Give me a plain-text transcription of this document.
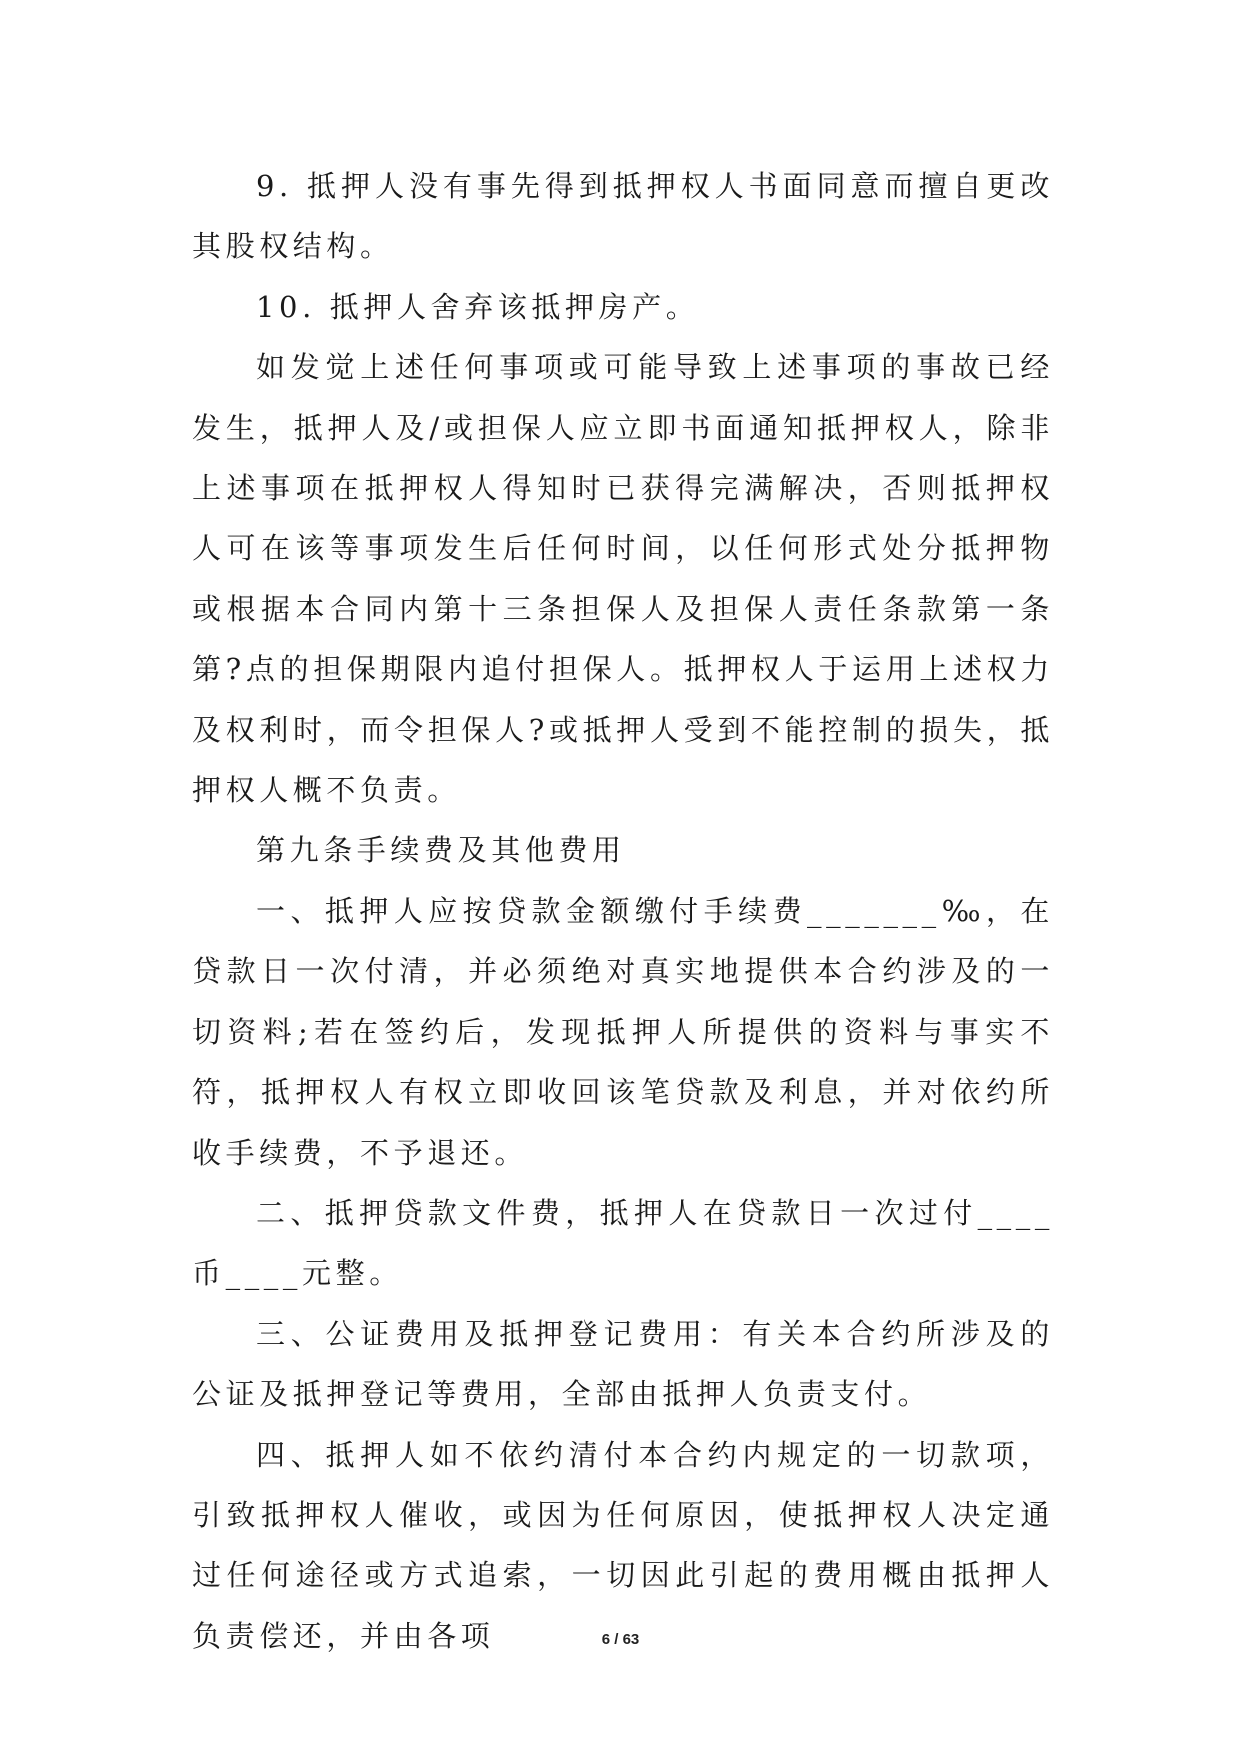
9. 抵押人没有事先得到抵押权人书面同意而擅自更改其股权结构。

10. 抵押人舍弃该抵押房产。

如发觉上述任何事项或可能导致上述事项的事故已经发生，抵押人及/或担保人应立即书面通知抵押权人，除非上述事项在抵押权人得知时已获得完满解决，否则抵押权人可在该等事项发生后任何时间，以任何形式处分抵押物或根据本合同内第十三条担保人及担保人责任条款第一条第?点的担保期限内追付担保人。抵押权人于运用上述权力及权利时，而令担保人?或抵押人受到不能控制的损失，抵押权人概不负责。

第九条手续费及其他费用

一、抵押人应按贷款金额缴付手续费_______‰，在贷款日一次付清，并必须绝对真实地提供本合约涉及的一切资料;若在签约后，发现抵押人所提供的资料与事实不符，抵押权人有权立即收回该笔贷款及利息，并对依约所收手续费，不予退还。

二、抵押贷款文件费，抵押人在贷款日一次过付____币____元整。

三、公证费用及抵押登记费用：有关本合约所涉及的公证及抵押登记等费用，全部由抵押人负责支付。

四、抵押人如不依约清付本合约内规定的一切款项，引致抵押权人催收，或因为任何原因，使抵押权人决定通过任何途径或方式追索，一切因此引起的费用概由抵押人负责偿还，并由各项	6 / 63
